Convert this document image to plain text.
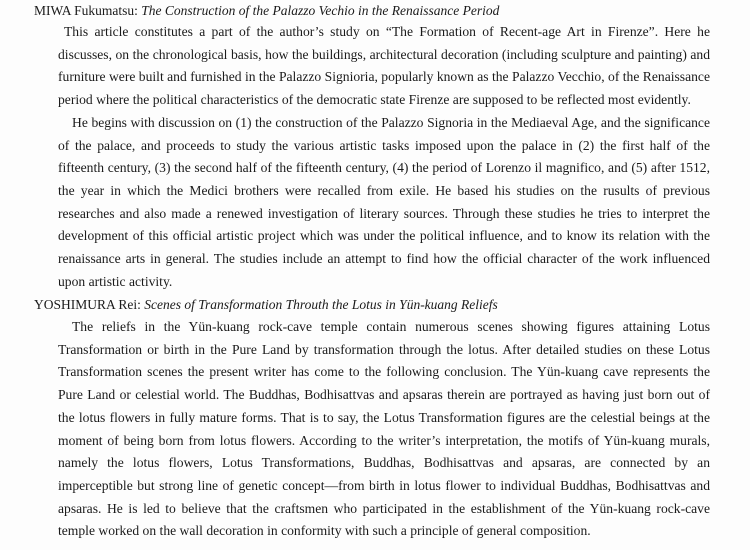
MIWA Fukumatsu: The Construction of the Palazzo Vechio in the Renaissance Period

This article constitutes a part of the author’s study on “The Formation of Recent-age Art in Firenze”. Here he discusses, on the chronological basis, how the buildings, architectural decoration (including sculpture and painting) and furniture were built and furnished in the Palazzo Signioria, popularly known as the Palazzo Vecchio, of the Renaissance period where the political characteristics of the democratic state Firenze are supposed to be reflected most evidently.

He begins with discussion on (1) the construction of the Palazzo Signoria in the Mediaeval Age, and the significance of the palace, and proceeds to study the various artistic tasks imposed upon the palace in (2) the first half of the fifteenth century, (3) the second half of the fifteenth century, (4) the period of Lorenzo il magnifico, and (5) after 1512, the year in which the Medici brothers were recalled from exile. He based his studies on the rusults of previous researches and also made a renewed investigation of literary sources. Through these studies he tries to interpret the development of this official artistic project which was under the political influence, and to know its relation with the renaissance arts in general. The studies include an attempt to find how the official character of the work influenced upon artistic activity.

YOSHIMURA Rei: Scenes of Transformation Throuth the Lotus in Yün-kuang Reliefs

The reliefs in the Yün-kuang rock-cave temple contain numerous scenes showing figures attaining Lotus Transformation or birth in the Pure Land by transformation through the lotus. After detailed studies on these Lotus Transformation scenes the present writer has come to the following conclusion. The Yün-kuang cave represents the Pure Land or celestial world. The Buddhas, Bodhisattvas and apsaras therein are portrayed as having just born out of the lotus flowers in fully mature forms. That is to say, the Lotus Transformation figures are the celestial beings at the moment of being born from lotus flowers. According to the writer’s interpretation, the motifs of Yün-kuang murals, namely the lotus flowers, Lotus Transformations, Buddhas, Bodhisattvas and apsaras, are connected by an imperceptible but strong line of genetic concept—from birth in lotus flower to individual Buddhas, Bodhisattvas and apsaras. He is led to believe that the craftsmen who participated in the establishment of the Yün-kuang rock-cave temple worked on the wall decoration in conformity with such a principle of general composition.
